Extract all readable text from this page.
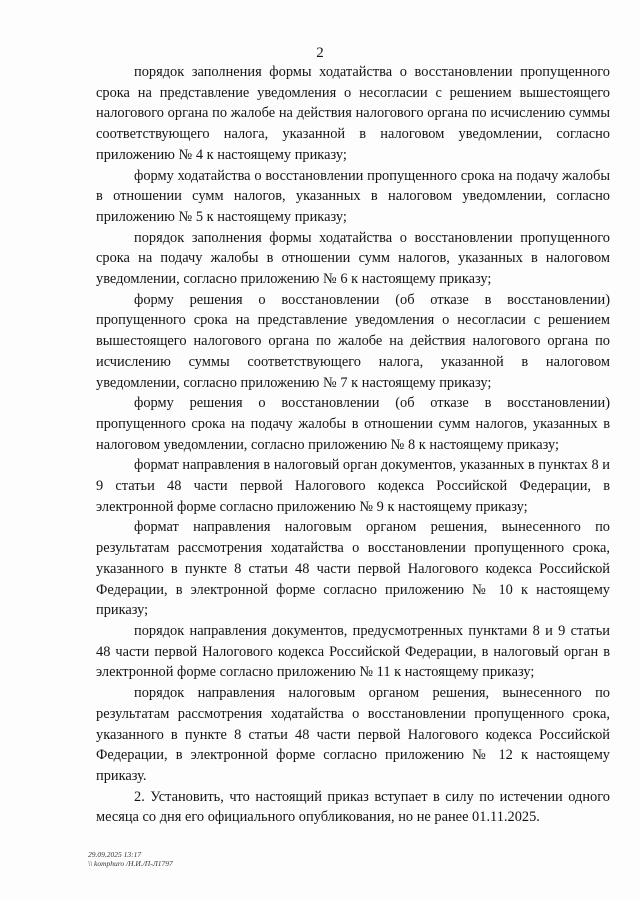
2

порядок заполнения формы ходатайства о восстановлении пропущенного срока на представление уведомления о несогласии с решением вышестоящего налогового органа по жалобе на действия налогового органа по исчислению суммы соответствующего налога, указанной в налоговом уведомлении, согласно приложению № 4 к настоящему приказу;

форму ходатайства о восстановлении пропущенного срока на подачу жалобы в отношении сумм налогов, указанных в налоговом уведомлении, согласно приложению № 5 к настоящему приказу;

порядок заполнения формы ходатайства о восстановлении пропущенного срока на подачу жалобы в отношении сумм налогов, указанных в налоговом уведомлении, согласно приложению № 6 к настоящему приказу;

форму решения о восстановлении (об отказе в восстановлении) пропущенного срока на представление уведомления о несогласии с решением вышестоящего налогового органа по жалобе на действия налогового органа по исчислению суммы соответствующего налога, указанной в налоговом уведомлении, согласно приложению № 7 к настоящему приказу;

форму решения о восстановлении (об отказе в восстановлении) пропущенного срока на подачу жалобы в отношении сумм налогов, указанных в налоговом уведомлении, согласно приложению № 8 к настоящему приказу;

формат направления в налоговый орган документов, указанных в пунктах 8 и 9 статьи 48 части первой Налогового кодекса Российской Федерации, в электронной форме согласно приложению № 9 к настоящему приказу;

формат направления налоговым органом решения, вынесенного по результатам рассмотрения ходатайства о восстановлении пропущенного срока, указанного в пункте 8 статьи 48 части первой Налогового кодекса Российской Федерации, в электронной форме согласно приложению № 10 к настоящему приказу;

порядок направления документов, предусмотренных пунктами 8 и 9 статьи 48 части первой Налогового кодекса Российской Федерации, в налоговый орган в электронной форме согласно приложению № 11 к настоящему приказу;

порядок направления налоговым органом решения, вынесенного по результатам рассмотрения ходатайства о восстановлении пропущенного срока, указанного в пункте 8 статьи 48 части первой Налогового кодекса Российской Федерации, в электронной форме согласно приложению № 12 к настоящему приказу.

2. Установить, что настоящий приказ вступает в силу по истечении одного месяца со дня его официального опубликования, но не ранее 01.11.2025.

29.09.2025 13:17
\\ komphuro /Н.И./П-Л1797
